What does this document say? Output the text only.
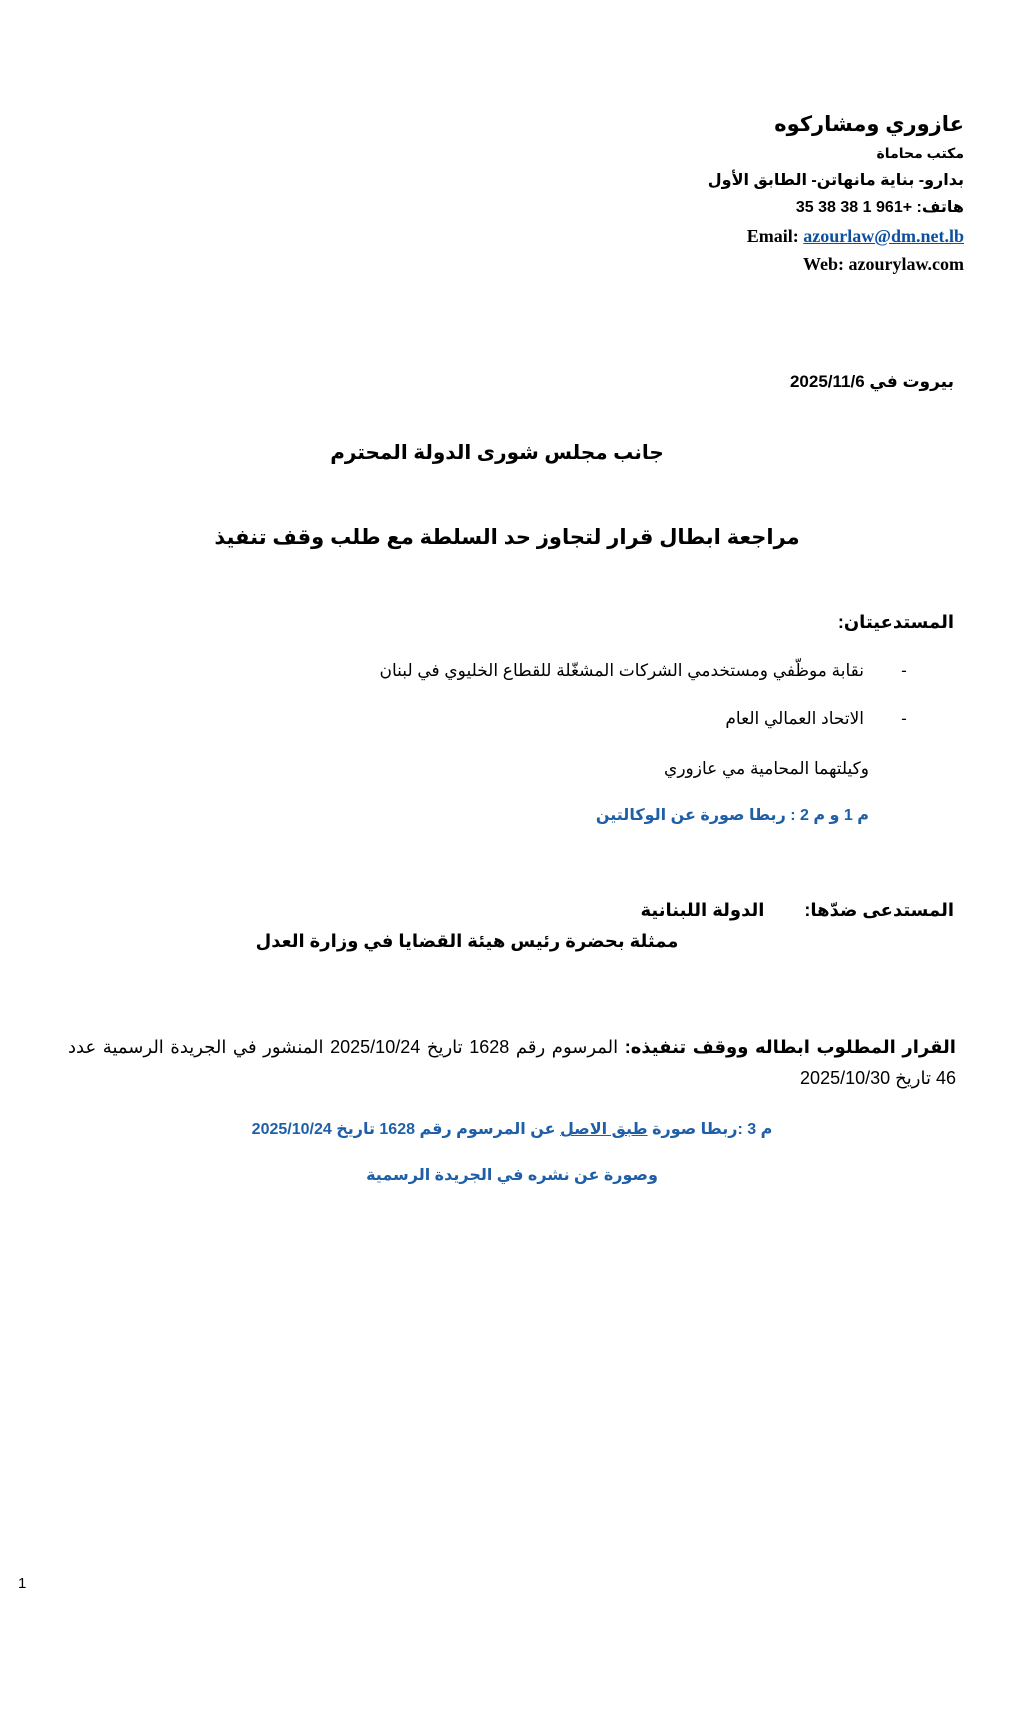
عازوري ومشاركوه
مكتب محاماة
بدارو- بناية مانهاتن- الطابق الأول
هاتف: +961 1 38 38 35
Email: azourlaw@dm.net.lb
Web: azourylaw.com
بيروت في 2025/11/6
جانب مجلس شورى الدولة المحترم
مراجعة ابطال قرار لتجاوز حد السلطة مع طلب وقف تنفيذ
المستدعيتان:
-
نقابة موظّفي ومستخدمي الشركات المشغّلة للقطاع الخليوي في لبنان
-
الاتحاد العمالي العام
وكيلتهما المحامية مي عازوري
م 1 و م 2 : ربطا صورة عن الوكالتين
المستدعى ضدّها:
الدولة اللبنانية
ممثلة بحضرة رئيس هيئة القضايا في وزارة العدل
القرار المطلوب ابطاله ووقف تنفيذه: المرسوم رقم 1628 تاريخ 2025/10/24 المنشور في الجريدة الرسمية عدد 46 تاريخ 2025/10/30
م 3 :ربطا صورة طبق الاصل عن المرسوم رقم 1628 تاريخ 2025/10/24
وصورة عن نشره في الجريدة الرسمية
1
